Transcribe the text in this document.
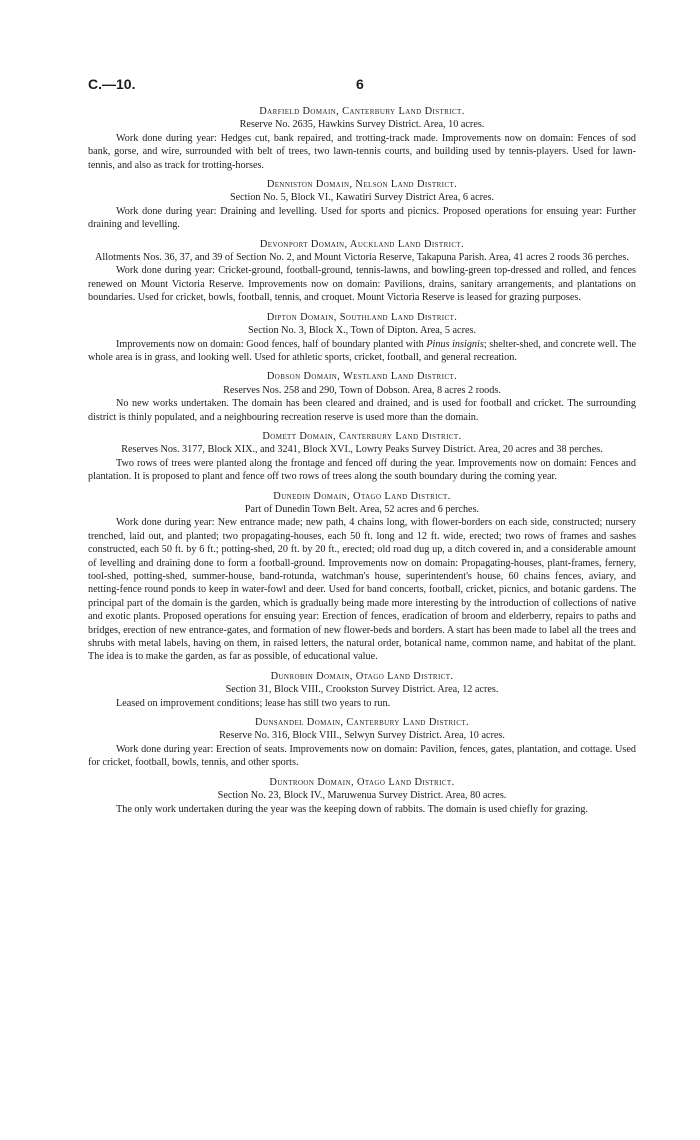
C.—10.	6
Darfield Domain, Canterbury Land District.
Reserve No. 2635, Hawkins Survey District. Area, 10 acres.
Work done during year: Hedges cut, bank repaired, and trotting-track made. Improvements now on domain: Fences of sod bank, gorse, and wire, surrounded with belt of trees, two lawn-tennis courts, and building used by tennis-players. Used for lawn-tennis, and also as track for trotting-horses.
Denniston Domain, Nelson Land District.
Section No. 5, Block VI., Kawatiri Survey District Area, 6 acres.
Work done during year: Draining and levelling. Used for sports and picnics. Proposed operations for ensuing year: Further draining and levelling.
Devonport Domain, Auckland Land District.
Allotments Nos. 36, 37, and 39 of Section No. 2, and Mount Victoria Reserve, Takapuna Parish. Area, 41 acres 2 roods 36 perches.
Work done during year: Cricket-ground, football-ground, tennis-lawns, and bowling-green top-dressed and rolled, and fences renewed on Mount Victoria Reserve. Improvements now on domain: Pavilions, drains, sanitary arrangements, and plantations on boundaries. Used for cricket, bowls, football, tennis, and croquet. Mount Victoria Reserve is leased for grazing purposes.
Dipton Domain, Southland Land District.
Section No. 3, Block X., Town of Dipton. Area, 5 acres.
Improvements now on domain: Good fences, half of boundary planted with Pinus insignis; shelter-shed, and concrete well. The whole area is in grass, and looking well. Used for athletic sports, cricket, football, and general recreation.
Dobson Domain, Westland Land District.
Reserves Nos. 258 and 290, Town of Dobson. Area, 8 acres 2 roods.
No new works undertaken. The domain has been cleared and drained, and is used for football and cricket. The surrounding district is thinly populated, and a neighbouring recreation reserve is used more than the domain.
Domett Domain, Canterbury Land District.
Reserves Nos. 3177, Block XIX., and 3241, Block XVI., Lowry Peaks Survey District. Area, 20 acres and 38 perches.
Two rows of trees were planted along the frontage and fenced off during the year. Improvements now on domain: Fences and plantation. It is proposed to plant and fence off two rows of trees along the south boundary during the coming year.
Dunedin Domain, Otago Land District.
Part of Dunedin Town Belt. Area, 52 acres and 6 perches.
Work done during year: New entrance made; new path, 4 chains long, with flower-borders on each side, constructed; nursery trenched, laid out, and planted; two propagating-houses, each 50 ft. long and 12 ft. wide, erected; two rows of frames and sashes constructed, each 50 ft. by 6 ft.; potting-shed, 20 ft. by 20 ft., erected; old road dug up, a ditch covered in, and a considerable amount of levelling and draining done to form a football-ground. Improvements now on domain: Propagating-houses, plant-frames, fernery, tool-shed, potting-shed, summer-house, band-rotunda, watchman's house, superintendent's house, 60 chains fences, aviary, and netting-fence round ponds to keep in water-fowl and deer. Used for band concerts, football, cricket, picnics, and botanic gardens. The principal part of the domain is the garden, which is gradually being made more interesting by the introduction of collections of native and exotic plants. Proposed operations for ensuing year: Erection of fences, eradication of broom and elderberry, repairs to paths and bridges, erection of new entrance-gates, and formation of new flower-beds and borders. A start has been made to label all the trees and shrubs with metal labels, having on them, in raised letters, the natural order, botanical name, common name, and habitat of the plant. The idea is to make the garden, as far as possible, of educational value.
Dunrobin Domain, Otago Land District.
Section 31, Block VIII., Crookston Survey District. Area, 12 acres.
Leased on improvement conditions; lease has still two years to run.
Dunsandel Domain, Canterbury Land District.
Reserve No. 316, Block VIII., Selwyn Survey District. Area, 10 acres.
Work done during year: Erection of seats. Improvements now on domain: Pavilion, fences, gates, plantation, and cottage. Used for cricket, football, bowls, tennis, and other sports.
Duntroon Domain, Otago Land District.
Section No. 23, Block IV., Maruwenua Survey District. Area, 80 acres.
The only work undertaken during the year was the keeping down of rabbits. The domain is used chiefly for grazing.
